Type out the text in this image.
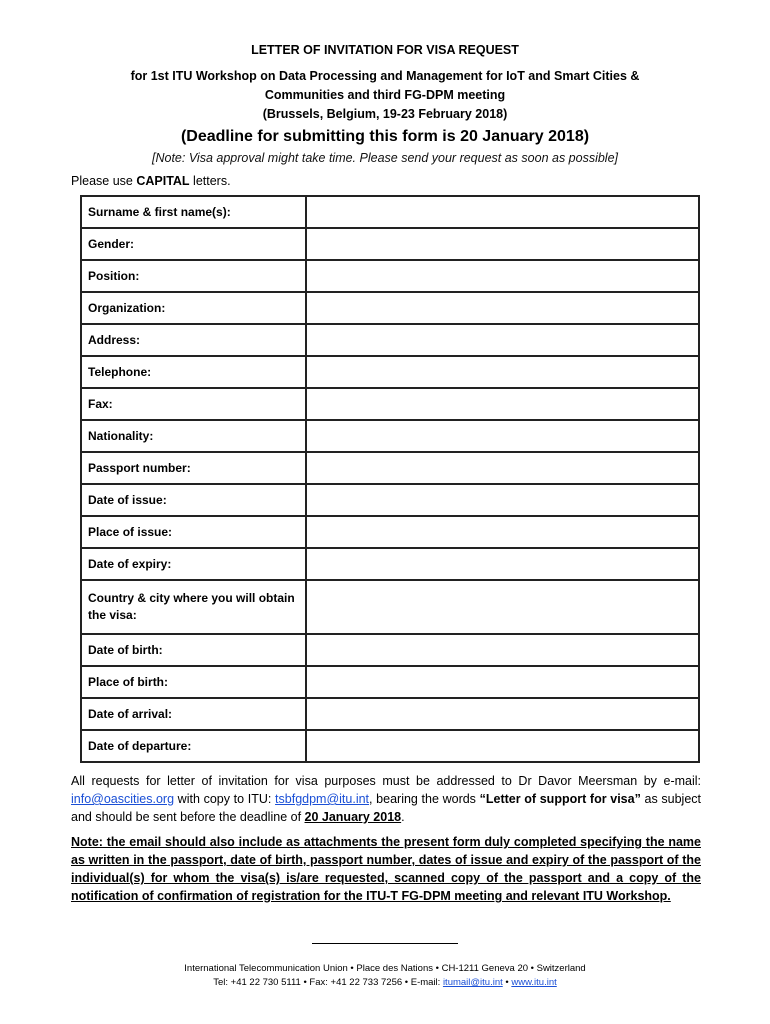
LETTER OF INVITATION FOR VISA REQUEST
for 1st ITU Workshop on Data Processing and Management for IoT and Smart Cities &
Communities and third FG-DPM meeting
(Brussels, Belgium, 19-23 February 2018)
(Deadline for submitting this form is 20 January 2018)
[Note: Visa approval might take time. Please send your request as soon as possible]
Please use CAPITAL letters.
Surname & first name(s):	
Gender:	
Position:	
Organization:	
Address:	
Telephone:	
Fax:	
Nationality:	
Passport number:	
Date of issue:	
Place of issue:	
Date of expiry:	
Country & city where you will obtain the visa:	
Date of birth:	
Place of birth:	
Date of arrival:	
Date of departure:	
All requests for letter of invitation for visa purposes must be addressed to Dr Davor Meersman by e-mail: info@oascities.org with copy to ITU: tsbfgdpm@itu.int, bearing the words “Letter of support for visa” as subject and should be sent before the deadline of 20 January 2018.
Note: the email should also include as attachments the present form duly completed specifying the name as written in the passport, date of birth, passport number, dates of issue and expiry of the passport of the individual(s) for whom the visa(s) is/are requested, scanned copy of the passport and a copy of the notification of confirmation of registration for the ITU-T FG-DPM meeting and relevant ITU Workshop.
International Telecommunication Union • Place des Nations • CH-1211 Geneva 20 • Switzerland
Tel: +41 22 730 5111 • Fax: +41 22 733 7256 • E-mail: itumail@itu.int • www.itu.int
